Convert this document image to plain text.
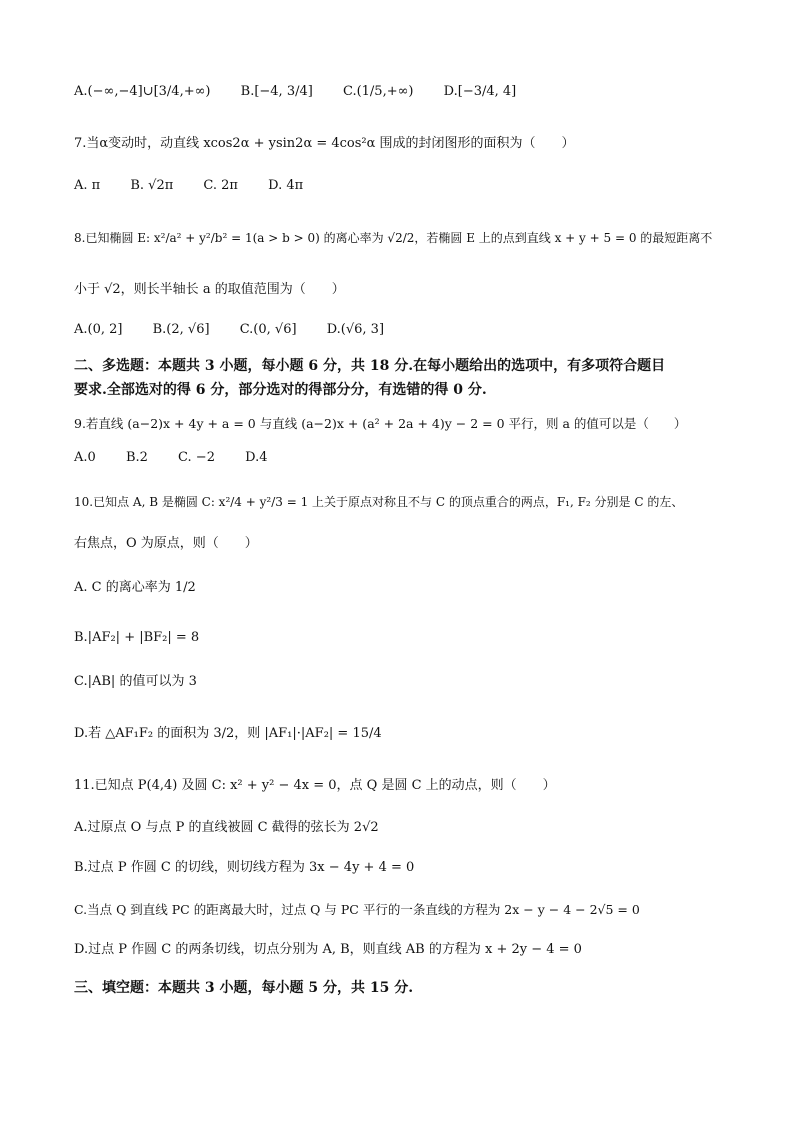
A.(−∞,−4]∪[3/4,+∞) B.[−4, 3/4] C.(1/5,+∞) D.[−3/4, 4]
7.当α变动时，动直线 xcos2α + ysin2α = 4cos²α 围成的封闭图形的面积为（　　）
A. π B. √2π C. 2π D. 4π
8.已知椭圆 E: x²/a² + y²/b² = 1(a > b > 0) 的离心率为 √2/2，若椭圆 E 上的点到直线 x + y + 5 = 0 的最短距离不
小于 √2，则长半轴长 a 的取值范围为（　　）
A.(0, 2] B.(2, √6] C.(0, √6] D.(√6, 3]
二、多选题：本题共 3 小题，每小题 6 分，共 18 分.在每小题给出的选项中，有多项符合题目
要求.全部选对的得 6 分，部分选对的得部分分，有选错的得 0 分.
9.若直线 (a−2)x + 4y + a = 0 与直线 (a−2)x + (a² + 2a + 4)y − 2 = 0 平行，则 a 的值可以是（　　）
A.0 B.2 C. −2 D.4
10.已知点 A, B 是椭圆 C: x²/4 + y²/3 = 1 上关于原点对称且不与 C 的顶点重合的两点，F₁, F₂ 分别是 C 的左、
右焦点，O 为原点，则（　　）
A. C 的离心率为 1/2
B.|AF₂| + |BF₂| = 8
C.|AB| 的值可以为 3
D.若 △AF₁F₂ 的面积为 3/2，则 |AF₁|·|AF₂| = 15/4
11.已知点 P(4,4) 及圆 C: x² + y² − 4x = 0，点 Q 是圆 C 上的动点，则（　　）
A.过原点 O 与点 P 的直线被圆 C 截得的弦长为 2√2
B.过点 P 作圆 C 的切线，则切线方程为 3x − 4y + 4 = 0
C.当点 Q 到直线 PC 的距离最大时，过点 Q 与 PC 平行的一条直线的方程为 2x − y − 4 − 2√5 = 0
D.过点 P 作圆 C 的两条切线，切点分别为 A, B，则直线 AB 的方程为 x + 2y − 4 = 0
三、填空题：本题共 3 小题，每小题 5 分，共 15 分.
